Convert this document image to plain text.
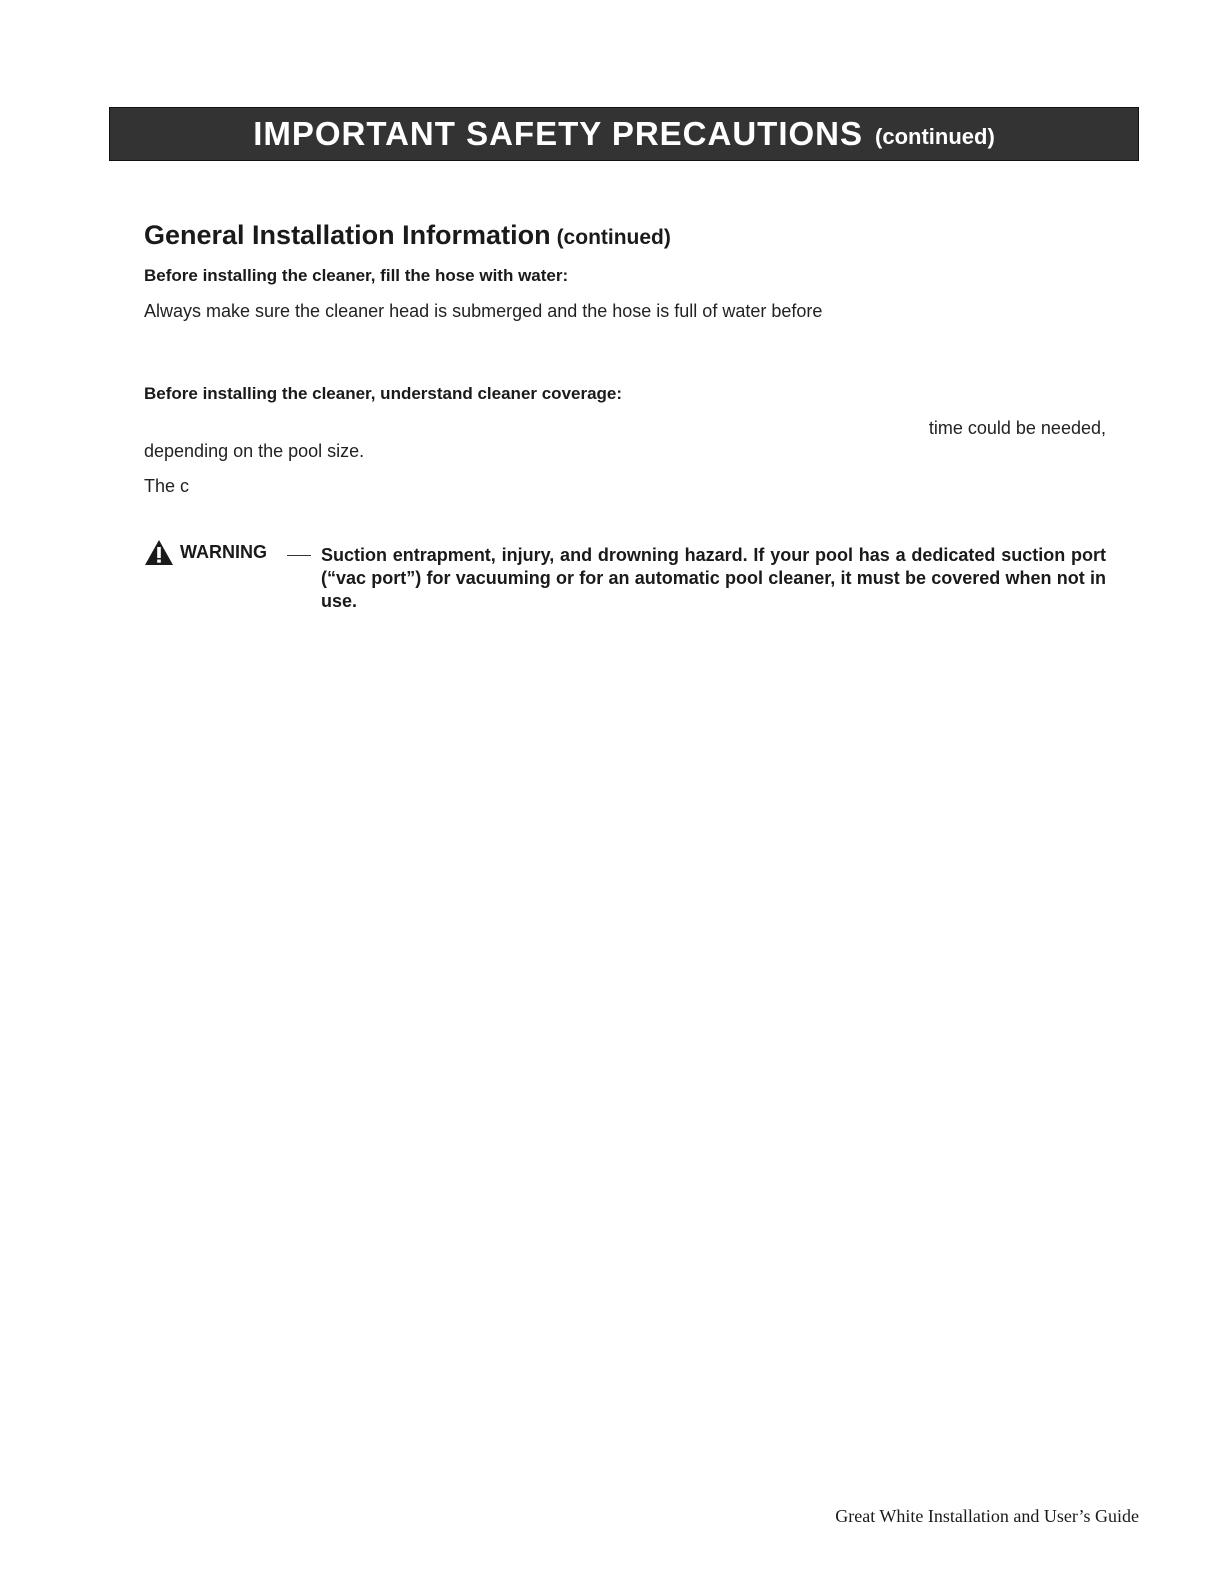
IMPORTANT SAFETY PRECAUTIONS (continued)
General Installation Information (continued)
Before installing the cleaner, fill the hose with water:
Always make sure the cleaner head is submerged and the hose is full of water before
Before installing the cleaner, understand cleaner coverage:
time could be needed,
depending on the pool size.
The c
WARNING	Suction entrapment, injury, and drowning hazard. If your pool has a dedicated suction port (“vac port”) for vacuuming or for an automatic pool cleaner, it must be covered when not in use.
Great White Installation and User’s Guide
